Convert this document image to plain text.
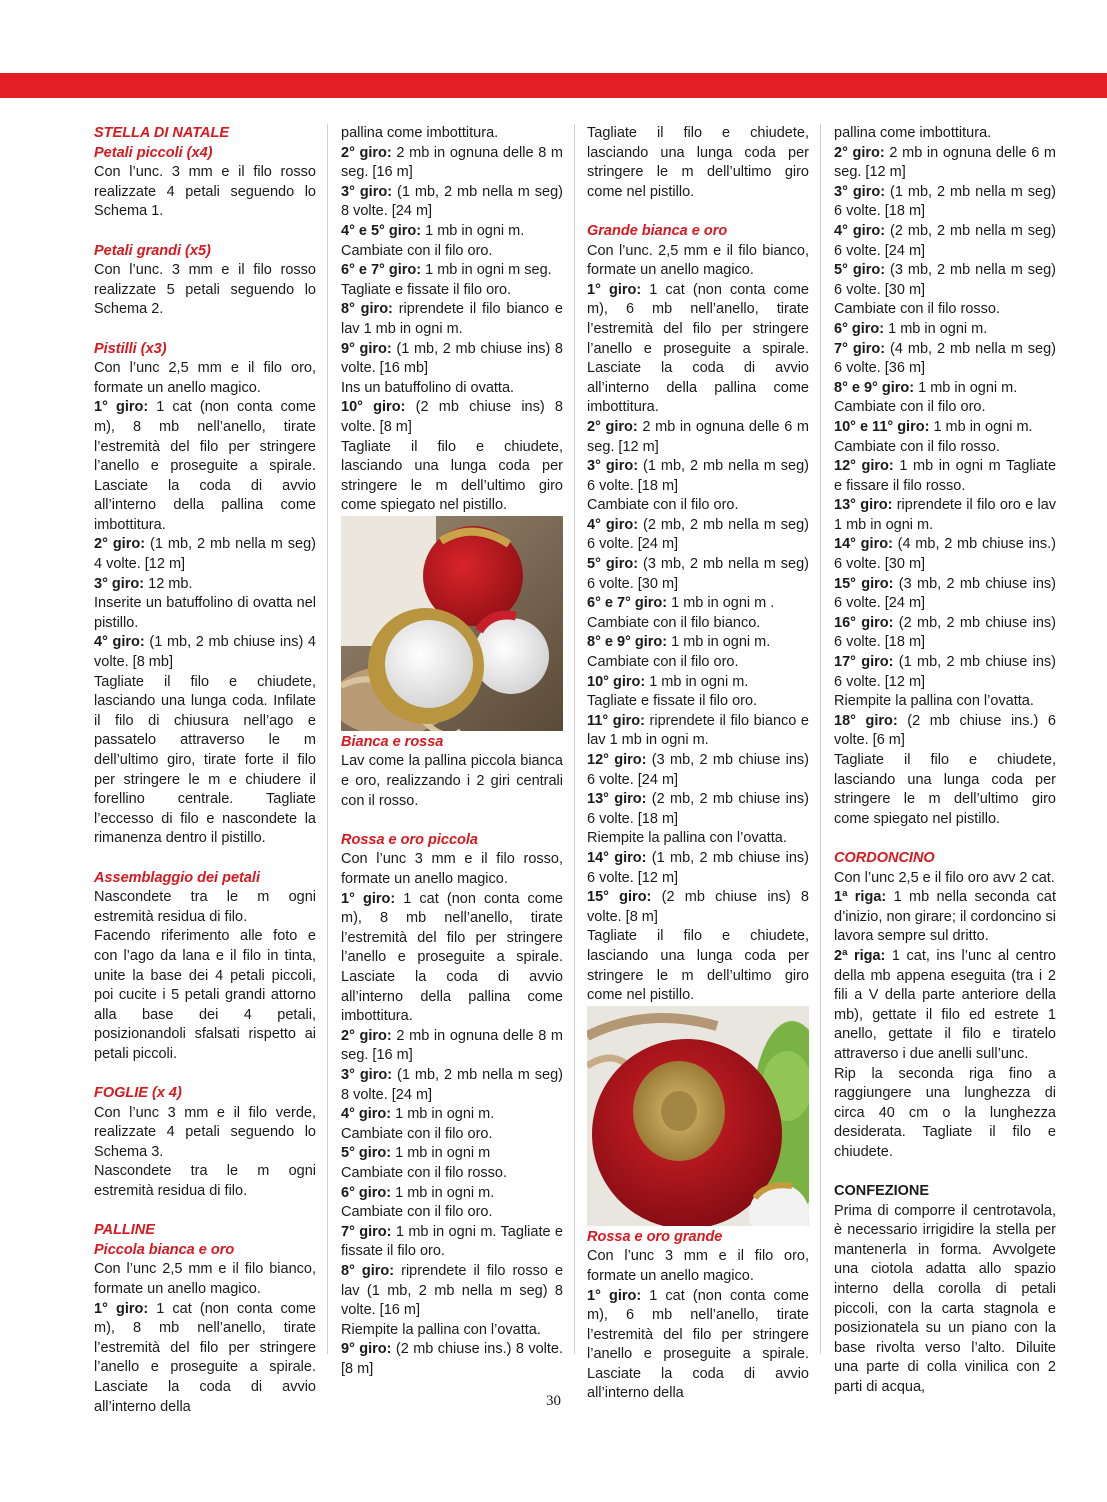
STELLA DI NATALE

Petali piccoli (x4)

Con l’unc. 3 mm e il filo rosso realizzate 4 petali seguendo lo Schema 1.

Petali grandi (x5)

Con l’unc. 3 mm e il filo rosso realizzate 5 petali seguendo lo Schema 2.

Pistilli (x3)

Con l’unc 2,5 mm e il filo oro, formate un anello magico.

1° giro: 1 cat (non conta come m), 8 mb nell’anello, tirate l’estremità del filo per stringere l’anello e proseguite a spirale. Lasciate la coda di avvio all’interno della pallina come imbottitura.

2° giro: (1 mb, 2 mb nella m seg) 4 volte. [12 m]

3° giro: 12 mb.

Inserite un batuffolino di ovatta nel pistillo.

4° giro: (1 mb, 2 mb chiuse ins) 4 volte. [8 mb]

Tagliate il filo e chiudete, lasciando una lunga coda. Infilate il filo di chiusura nell’ago e passatelo attraverso le m dell’ultimo giro, tirate forte il filo per stringere le m e chiudere il forellino centrale. Tagliate l’eccesso di filo e nascondete la rimanenza dentro il pistillo.

Assemblaggio dei petali

Nascondete tra le m ogni estremità residua di filo.

Facendo riferimento alle foto e con l’ago da lana e il filo in tinta, unite la base dei 4 petali piccoli, poi cucite i 5 petali grandi attorno alla base dei 4 petali, posizionandoli sfalsati rispetto ai petali piccoli.

FOGLIE (x 4)

Con l’unc 3 mm e il filo verde, realizzate 4 petali seguendo lo Schema 3.

Nascondete tra le m ogni estremità residua di filo.

PALLINE

Piccola bianca e oro

Con l’unc 2,5 mm e il filo bianco, formate un anello magico.

1° giro: 1 cat (non conta come m), 8 mb nell’anello, tirate l’estremità del filo per stringere l’anello e proseguite a spirale. Lasciate la coda di avvio all’interno della

pallina come imbottitura.

2° giro: 2 mb in ognuna delle 8 m seg. [16 m]

3° giro: (1 mb, 2 mb nella m seg) 8 volte. [24 m]

4° e 5° giro: 1 mb in ogni m.

Cambiate con il filo oro.

6° e 7° giro: 1 mb in ogni m seg.

Tagliate e fissate il filo oro.

8° giro: riprendete il filo bianco e lav 1 mb in ogni m.

9° giro: (1 mb, 2 mb chiuse ins) 8 volte. [16 mb]

Ins un batuffolino di ovatta.

10° giro: (2 mb chiuse ins) 8 volte. [8 m]

Tagliate il filo e chiudete, lasciando una lunga coda per stringere le m dell’ultimo giro come spiegato nel pistillo.

Bianca e rossa

Lav come la pallina piccola bianca e oro, realizzando i 2 giri centrali con il rosso.

Rossa e oro piccola

Con l’unc 3 mm e il filo rosso, formate un anello magico.

1° giro: 1 cat (non conta come m), 8 mb nell’anello, tirate l’estremità del filo per stringere l’anello e proseguite a spirale. Lasciate la coda di avvio all’interno della pallina come imbottitura.

2° giro: 2 mb in ognuna delle 8 m seg. [16 m]

3° giro: (1 mb, 2 mb nella m seg) 8 volte. [24 m]

4° giro: 1 mb in ogni m.

Cambiate con il filo oro.

5° giro: 1 mb in ogni m

Cambiate con il filo rosso.

6° giro: 1 mb in ogni m.

Cambiate con il filo oro.

7° giro: 1 mb in ogni m. Tagliate e fissate il filo oro.

8° giro: riprendete il filo rosso e lav (1 mb, 2 mb nella m seg) 8 volte. [16 m]

Riempite la pallina con l’ovatta.

9° giro: (2 mb chiuse ins.) 8 volte. [8 m]

Tagliate il filo e chiudete, lasciando una lunga coda per stringere le m dell’ultimo giro come nel pistillo.

Grande bianca e oro

Con l’unc. 2,5 mm e il filo bianco, formate un anello magico.

1° giro: 1 cat (non conta come m), 6 mb nell’anello, tirate l’estremità del filo per stringere l’anello e proseguite a spirale. Lasciate la coda di avvio all’interno della pallina come imbottitura.

2° giro: 2 mb in ognuna delle 6 m seg. [12 m]

3° giro: (1 mb, 2 mb nella m seg) 6 volte. [18 m]

Cambiate con il filo oro.

4° giro: (2 mb, 2 mb nella m seg) 6 volte. [24 m]

5° giro: (3 mb, 2 mb nella m seg) 6 volte. [30 m]

6° e 7° giro: 1 mb in ogni m .

Cambiate con il filo bianco.

8° e 9° giro: 1 mb in ogni m.

Cambiate con il filo oro.

10° giro: 1 mb in ogni m.

Tagliate e fissate il filo oro.

11° giro: riprendete il filo bianco e lav 1 mb in ogni m.

12° giro: (3 mb, 2 mb chiuse ins) 6 volte. [24 m]

13° giro: (2 mb, 2 mb chiuse ins) 6 volte. [18 m]

Riempite la pallina con l’ovatta.

14° giro: (1 mb, 2 mb chiuse ins) 6 volte. [12 m]

15° giro: (2 mb chiuse ins) 8 volte. [8 m]

Tagliate il filo e chiudete, lasciando una lunga coda per stringere le m dell’ultimo giro come nel pistillo.

Rossa e oro grande

Con l’unc 3 mm e il filo oro, formate un anello magico.

1° giro: 1 cat (non conta come m), 6 mb nell’anello, tirate l’estremità del filo per stringere l’anello e proseguite a spirale. Lasciate la coda di avvio all’interno della

pallina come imbottitura.

2° giro: 2 mb in ognuna delle 6 m seg. [12 m]

3° giro: (1 mb, 2 mb nella m seg) 6 volte. [18 m]

4° giro: (2 mb, 2 mb nella m seg) 6 volte. [24 m]

5° giro: (3 mb, 2 mb nella m seg) 6 volte. [30 m]

Cambiate con il filo rosso.

6° giro: 1 mb in ogni m.

7° giro: (4 mb, 2 mb nella m seg) 6 volte. [36 m]

8° e 9° giro: 1 mb in ogni m.

Cambiate con il filo oro.

10° e 11° giro: 1 mb in ogni m.

Cambiate con il filo rosso.

12° giro: 1 mb in ogni m Tagliate e fissare il filo rosso.

13° giro: riprendete il filo oro e lav 1 mb in ogni m.

14° giro: (4 mb, 2 mb chiuse ins.) 6 volte. [30 m]

15° giro: (3 mb, 2 mb chiuse ins) 6 volte. [24 m]

16° giro: (2 mb, 2 mb chiuse ins) 6 volte. [18 m]

17° giro: (1 mb, 2 mb chiuse ins) 6 volte. [12 m]

Riempite la pallina con l’ovatta.

18° giro: (2 mb chiuse ins.) 6 volte. [6 m]

Tagliate il filo e chiudete, lasciando una lunga coda per stringere le m dell’ultimo giro come spiegato nel pistillo.

CORDONCINO

Con l’unc 2,5 e il filo oro avv 2 cat.

1ª riga: 1 mb nella seconda cat d’inizio, non girare; il cordoncino si lavora sempre sul dritto.

2ª riga: 1 cat, ins l’unc al centro della mb appena eseguita (tra i 2 fili a V della parte anteriore della mb), gettate il filo ed estrete 1 anello, gettate il filo e tiratelo attraverso i due anelli sull’unc.

Rip la seconda riga fino a raggiungere una lunghezza di circa 40 cm o la lunghezza desiderata. Tagliate il filo e chiudete.

CONFEZIONE

Prima di comporre il centrotavola, è necessario irrigidire la stella per mantenerla in forma. Avvolgete una ciotola adatta allo spazio interno della corolla di petali piccoli, con la carta stagnola e posizionatela su un piano con la base rivolta verso l’alto. Diluite una parte di colla vinilica con 2 parti di acqua,

30
